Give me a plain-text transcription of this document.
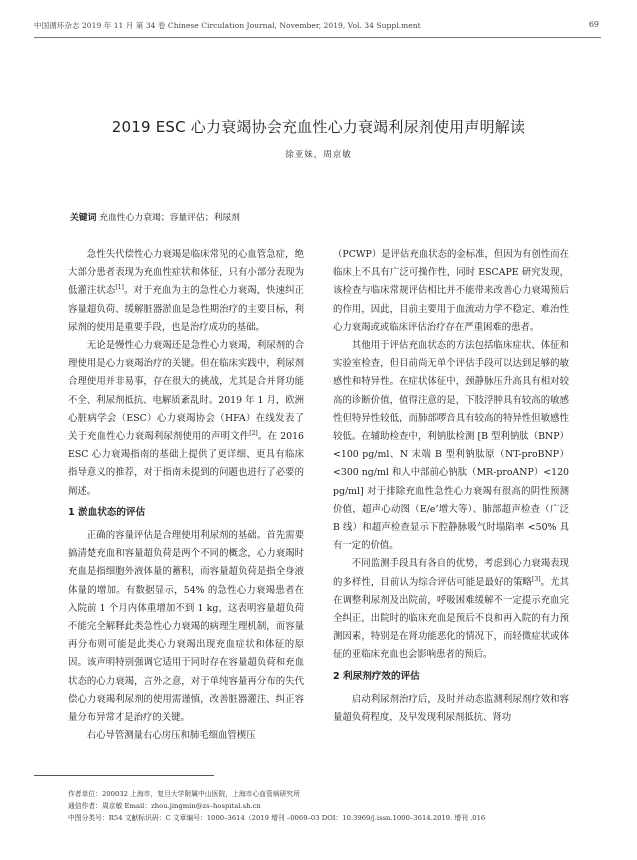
中国循环杂志 2019 年 11 月 第 34 卷 Chinese Circulation Journal, November, 2019, Vol. 34 Suppl.ment	69
2019 ESC 心力衰竭协会充血性心力衰竭利尿剂使用声明解读
徐亚妹，周京敏
关键词 充血性心力衰竭；容量评估；利尿剂

急性失代偿性心力衰竭是临床常见的心血管急症，绝大部分患者表现为充血性症状和体征，只有小部分表现为低灌注状态[1]。对于充血为主的急性心力衰竭，快速纠正容量超负荷、缓解脏器淤血是急性期治疗的主要目标，利尿剂的使用是重要手段，也是治疗成功的基础。

无论是慢性心力衰竭还是急性心力衰竭，利尿剂的合理使用是心力衰竭治疗的关键。但在临床实践中，利尿剂合理使用并非易事，存在很大的挑战，尤其是合并肾功能不全、利尿剂抵抗、电解质紊乱时。2019 年 1 月，欧洲心脏病学会（ESC）心力衰竭协会（HFA）在线发表了关于充血性心力衰竭利尿剂使用的声明文件[2]。在 2016 ESC 心力衰竭指南的基础上提供了更详细、更具有临床指导意义的推荐，对于指南未提到的问题也进行了必要的阐述。

1 淤血状态的评估

正确的容量评估是合理使用利尿剂的基础。首先需要搞清楚充血和容量超负荷是两个不同的概念，心力衰竭时充血是指细胞外液体量的蓄积，而容量超负荷是指全身液体量的增加。有数据显示，54% 的急性心力衰竭患者在入院前 1 个月内体重增加不到 1 kg，这表明容量超负荷不能完全解释此类急性心力衰竭的病理生理机制，而容量再分布则可能是此类心力衰竭出现充血症状和体征的原因。该声明特别强调它适用于同时存在容量超负荷和充血状态的心力衰竭，言外之意，对于单纯容量再分布的失代偿心力衰竭利尿剂的使用需谨慎，改善脏器灌注、纠正容量分布异常才是治疗的关键。

右心导管测量右心房压和肺毛细血管楔压

（PCWP）是评估充血状态的金标准，但因为有创性而在临床上不具有广泛可操作性，同时 ESCAPE 研究发现，该检查与临床常规评估相比并不能带来改善心力衰竭预后的作用，因此，目前主要用于血流动力学不稳定、难治性心力衰竭或或临床评估治疗存在严重困难的患者。

其他用于评估充血状态的方法包括临床症状、体征和实验室检查，但目前尚无单个评估手段可以达到足够的敏感性和特异性。在症状体征中，颈静脉压升高具有相对较高的诊断价值，值得注意的是，下肢浮肿具有较高的敏感性但特异性较低，而肺部啰音具有较高的特异性但敏感性较低。在辅助检查中，利钠肽检测 [B 型利钠肽（BNP）<100 pg/ml、N 末端 B 型利钠肽原（NT-proBNP）<300 ng/ml 和人中部前心钠肽（MR-proANP）<120 pg/ml] 对于排除充血性急性心力衰竭有很高的阴性预测价值，超声心动图（E/e’增大等）、肺部超声检查（广泛 B 线）和超声检查显示下腔静脉吸气时塌陷率 <50% 具有一定的价值。

不同监测手段具有各自的优势，考虑到心力衰竭表现的多样性，目前认为综合评估可能是最好的策略[3]。尤其在调整利尿剂及出院前，呼吸困难缓解不一定提示充血完全纠正，出院时的临床充血是预后不良和再入院的有力预测因素，特别是在肾功能恶化的情况下，而轻微症状或体征的亚临床充血也会影响患者的预后。

2 利尿剂疗效的评估

启动利尿剂治疗后，及时并动态监测利尿剂疗效和容量超负荷程度，及早发现利尿剂抵抗、肾功

作者单位：200032 上海市，复旦大学附属中山医院，上海市心血管病研究所
通信作者：周京敏 Email：zhou.jingmin@zs–hospital.sh.cn
中图分类号：R54 文献标识码：C 文章编号：1000–3614（2019 增刊 –0069–03 DOI：10.3969/j.issn.1000–3614.2019. 增刊 .016
